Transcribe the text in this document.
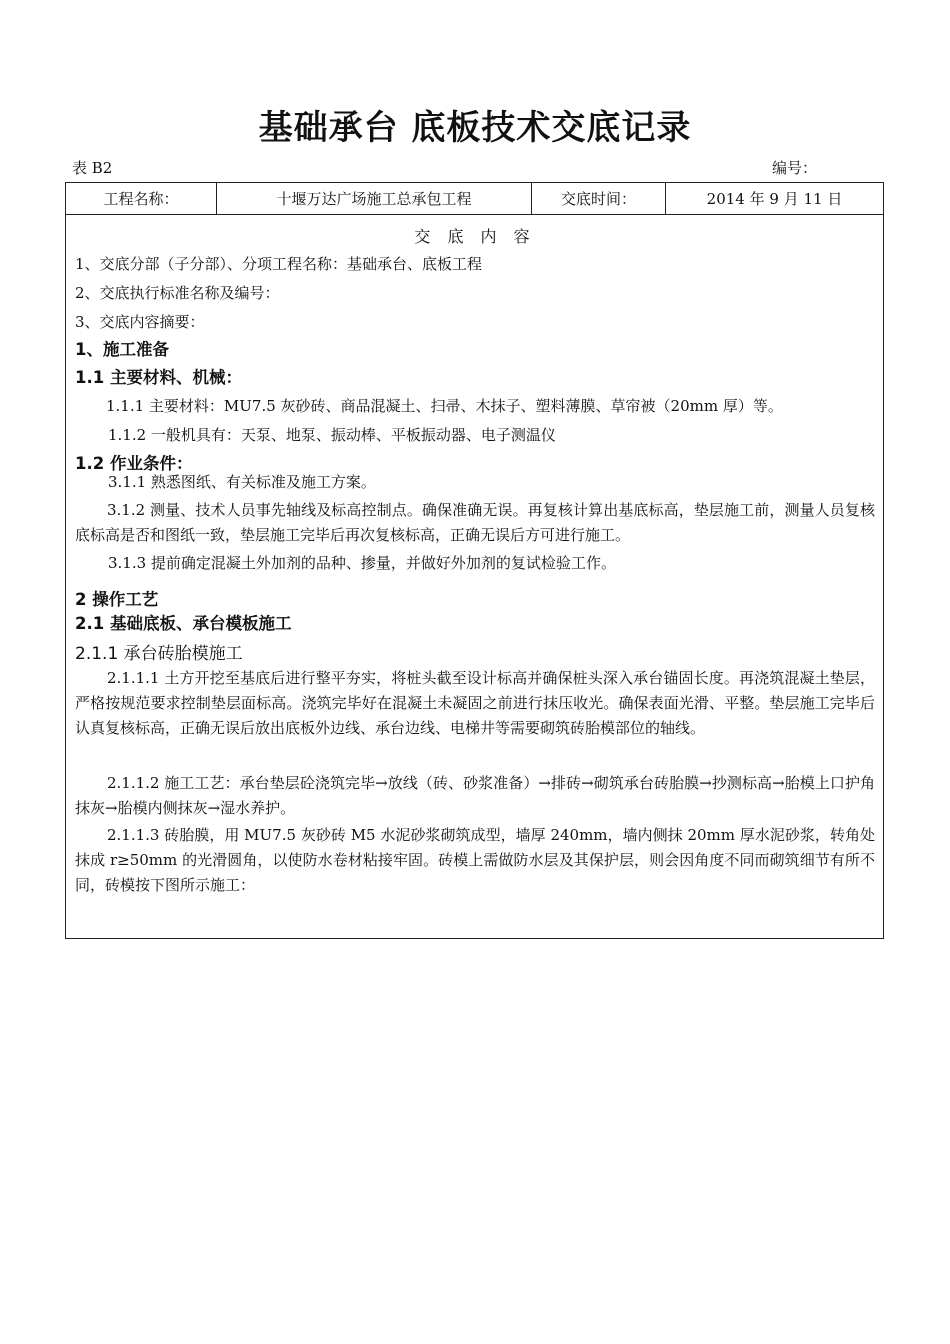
基础承台 底板技术交底记录
表 B2	编号：
工程名称：	十堰万达广场施工总承包工程	交底时间：	2014 年 9 月 11 日
交 底 内 容
1、交底分部（子分部）、分项工程名称：基础承台、底板工程
2、交底执行标准名称及编号：
3、交底内容摘要：
1、施工准备
1.1 主要材料、机械：
1.1.1 主要材料：MU7.5 灰砂砖、商品混凝土、扫帚、木抹子、塑料薄膜、草帘被（20mm 厚）等。
1.1.2 一般机具有：天泵、地泵、振动棒、平板振动器、电子测温仪
1.2 作业条件：
3.1.1 熟悉图纸、有关标准及施工方案。
3.1.2 测量、技术人员事先轴线及标高控制点。确保准确无误。再复核计算出基底标高，垫层施工前，测量人员复核底标高是否和图纸一致，垫层施工完毕后再次复核标高，正确无误后方可进行施工。
3.1.3 提前确定混凝土外加剂的品种、掺量，并做好外加剂的复试检验工作。
2 操作工艺
2.1 基础底板、承台模板施工
2.1.1 承台砖胎模施工
2.1.1.1 土方开挖至基底后进行整平夯实，将桩头截至设计标高并确保桩头深入承台锚固长度。再浇筑混凝土垫层，严格按规范要求控制垫层面标高。浇筑完毕好在混凝土未凝固之前进行抹压收光。确保表面光滑、平整。垫层施工完毕后认真复核标高，正确无误后放出底板外边线、承台边线、电梯井等需要砌筑砖胎模部位的轴线。
2.1.1.2 施工工艺：承台垫层砼浇筑完毕→放线（砖、砂浆准备）→排砖→砌筑承台砖胎膜→抄测标高→胎模上口护角抹灰→胎模内侧抹灰→湿水养护。
2.1.1.3 砖胎膜，用 MU7.5 灰砂砖 M5 水泥砂浆砌筑成型，墙厚 240mm，墙内侧抹 20mm 厚水泥砂浆，转角处抹成 r≥50mm 的光滑圆角，以使防水卷材粘接牢固。砖模上需做防水层及其保护层，则会因角度不同而砌筑细节有所不同，砖模按下图所示施工：
